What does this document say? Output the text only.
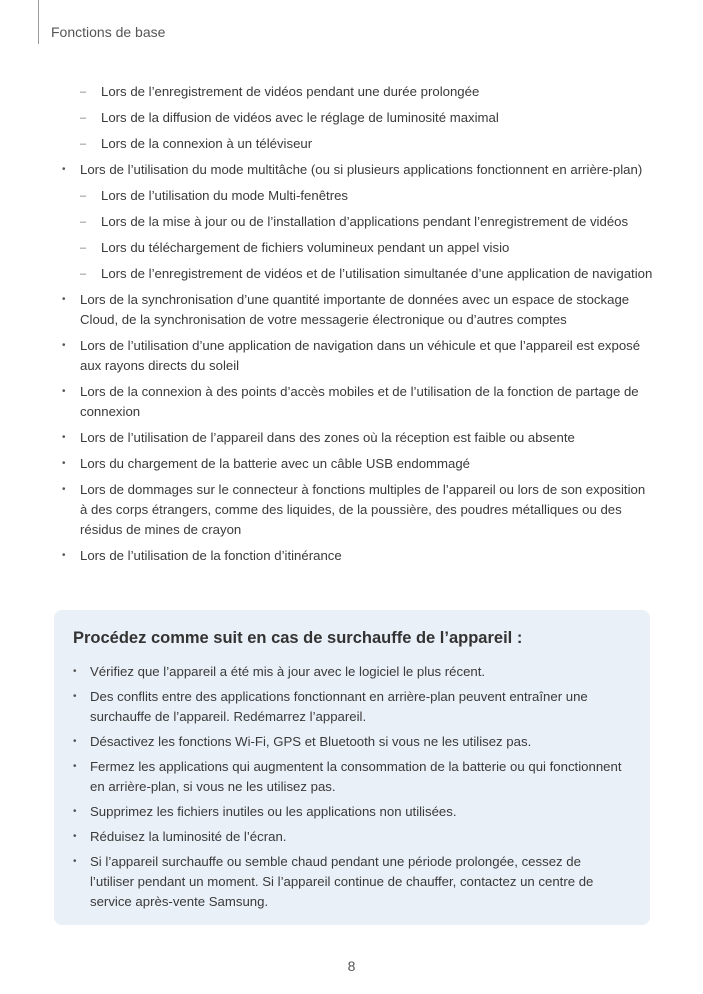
Fonctions de base
– Lors de l’enregistrement de vidéos pendant une durée prolongée
– Lors de la diffusion de vidéos avec le réglage de luminosité maximal
– Lors de la connexion à un téléviseur
• Lors de l’utilisation du mode multitâche (ou si plusieurs applications fonctionnent en arrière-plan)
– Lors de l’utilisation du mode Multi-fenêtres
– Lors de la mise à jour ou de l’installation d’applications pendant l’enregistrement de vidéos
– Lors du téléchargement de fichiers volumineux pendant un appel visio
– Lors de l’enregistrement de vidéos et de l’utilisation simultanée d’une application de navigation
• Lors de la synchronisation d’une quantité importante de données avec un espace de stockage Cloud, de la synchronisation de votre messagerie électronique ou d’autres comptes
• Lors de l’utilisation d’une application de navigation dans un véhicule et que l’appareil est exposé aux rayons directs du soleil
• Lors de la connexion à des points d’accès mobiles et de l’utilisation de la fonction de partage de connexion
• Lors de l’utilisation de l’appareil dans des zones où la réception est faible ou absente
• Lors du chargement de la batterie avec un câble USB endommagé
• Lors de dommages sur le connecteur à fonctions multiples de l’appareil ou lors de son exposition à des corps étrangers, comme des liquides, de la poussière, des poudres métalliques ou des résidus de mines de crayon
• Lors de l’utilisation de la fonction d’itinérance
Procédez comme suit en cas de surchauffe de l’appareil :
• Vérifiez que l’appareil a été mis à jour avec le logiciel le plus récent.
• Des conflits entre des applications fonctionnant en arrière-plan peuvent entraîner une surchauffe de l’appareil. Redémarrez l’appareil.
• Désactivez les fonctions Wi-Fi, GPS et Bluetooth si vous ne les utilisez pas.
• Fermez les applications qui augmentent la consommation de la batterie ou qui fonctionnent en arrière-plan, si vous ne les utilisez pas.
• Supprimez les fichiers inutiles ou les applications non utilisées.
• Réduisez la luminosité de l’écran.
• Si l’appareil surchauffe ou semble chaud pendant une période prolongée, cessez de l’utiliser pendant un moment. Si l’appareil continue de chauffer, contactez un centre de service après-vente Samsung.
8
